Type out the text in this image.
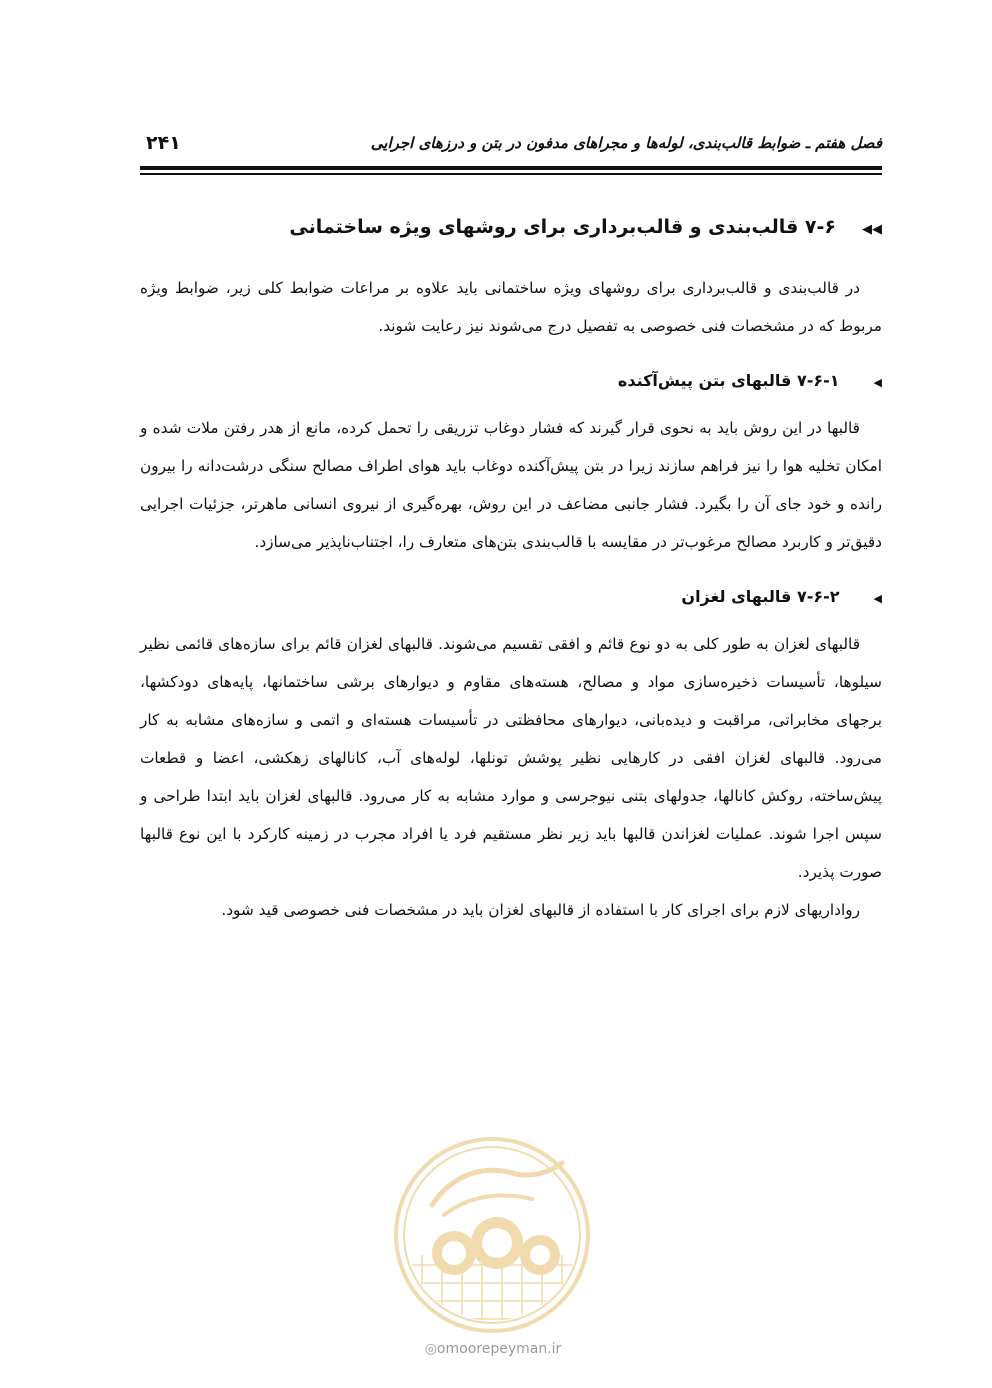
فصل هفتم ـ ضوابط قالب‌بندی، لوله‌ها و مجراهای مدفون در بتن و درزهای اجرایی
۲۴۱
◀◀۷-۶ قالب‌بندی و قالب‌برداری برای روشهای ویژه ساختمانی

در قالب‌بندی و قالب‌برداری برای روشهای ویژه ساختمانی باید علاوه بر مراعات ضوابط کلی زیر، ضوابط ویژه مربوط که در مشخصات فنی خصوصی به تفصیل درج می‌شوند نیز رعایت شوند.

◀۷-۶-۱ قالبهای بتن پیش‌آکنده

قالبها در این روش باید به نحوی قرار گیرند که فشار دوغاب تزریقی را تحمل کرده، مانع از هدر رفتن ملات شده و امکان تخلیه هوا را نیز فراهم سازند زیرا در بتن پیش‌آکنده دوغاب باید هوای اطراف مصالح سنگی درشت‌دانه را بیرون رانده و خود جای آن را بگیرد. فشار جانبی مضاعف در این روش، بهره‌گیری از نیروی انسانی ماهرتر، جزئیات اجرایی دقیق‌تر و کاربرد مصالح مرغوب‌تر در مقایسه با قالب‌بندی بتن‌های متعارف را، اجتناب‌ناپذیر می‌سازد.

◀۷-۶-۲ قالبهای لغزان

قالبهای لغزان به طور کلی به دو نوع قائم و افقی تقسیم می‌شوند. قالبهای لغزان قائم برای سازه‌های قائمی نظیر سیلوها، تأسیسات ذخیره‌سازی مواد و مصالح، هسته‌های مقاوم و دیوارهای برشی ساختمانها، پایه‌های دودکشها، برجهای مخابراتی، مراقبت و دیده‌بانی، دیوارهای محافظتی در تأسیسات هسته‌ای و اتمی و سازه‌های مشابه به کار می‌رود. قالبهای لغزان افقی در کارهایی نظیر پوشش تونلها، لوله‌های آب، کانالهای زهکشی، اعضا و قطعات پیش‌ساخته، روکش کانالها، جدولهای بتنی نیوجرسی و موارد مشابه به کار می‌رود. قالبهای لغزان باید ابتدا طراحی و سپس اجرا شوند. عملیات لغزاندن قالبها باید زیر نظر مستقیم فرد یا افراد مجرب در زمینه کارکرد با این نوع قالبها صورت پذیرد.

رواداریهای لازم برای اجرای کار با استفاده از قالبهای لغزان باید در مشخصات فنی خصوصی قید شود.

◎omoorepeyman.ir
